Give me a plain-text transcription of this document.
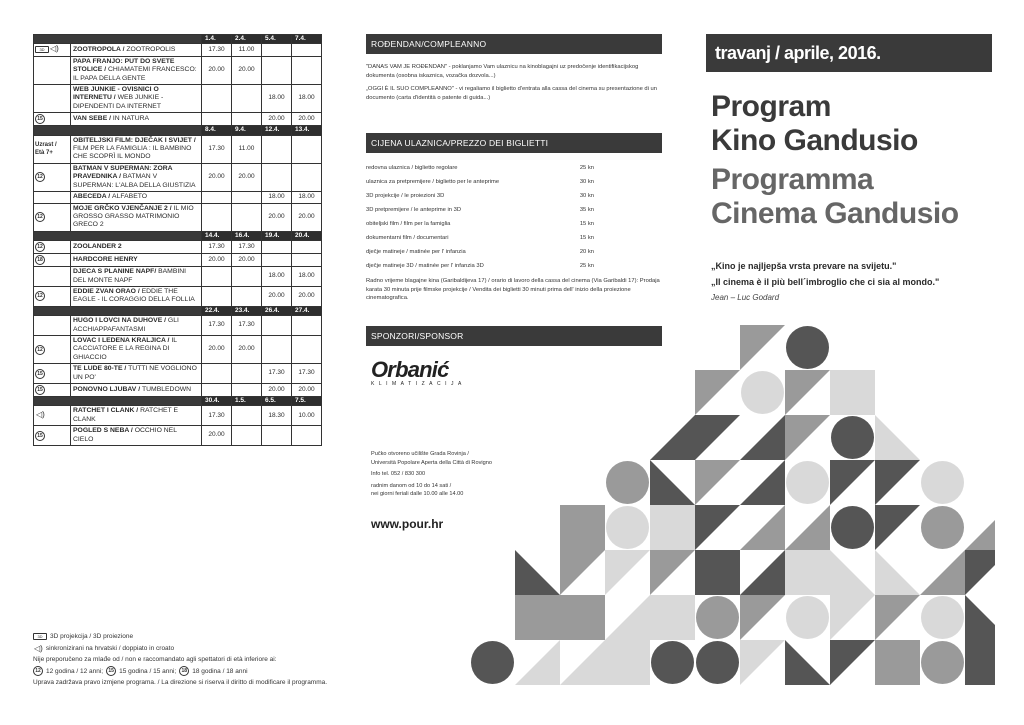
		1.4.	2.4.	5.4.	7.4.
3D ◁)	ZOOTROPOLA / ZOOTROPOLIS	17.30	11.00		
	PAPA FRANJO: PUT DO SVETE STOLICE / CHIAMATEMI FRANCESCO: IL PAPA DELLA GENTE	20.00	20.00		
	WEB JUNKIE - OVISNICI O INTERNETU / WEB JUNKIE - DIPENDENTI DA INTERNET			18.00	18.00
15	VAN SEBE / IN NATURA			20.00	20.00
		8.4.	9.4.	12.4.	13.4.
Uzrast /
Età 7+	OBITELJSKI FILM: DJEČAK I SVIJET / FILM PER LA FAMIGLIA : IL BAMBINO CHE SCOPRÌ IL MONDO	17.30	11.00		
12	BATMAN V SUPERMAN: ZORA PRAVEDNIKA / BATMAN V SUPERMAN: L'ALBA DELLA GIUSTIZIA	20.00	20.00		
	ABECEDA / ALFABETO			18.00	18.00
12	MOJE GRČKO VJENČANJE 2 / IL MIO GROSSO GRASSO MATRIMONIO GRECO 2			20.00	20.00
		14.4.	16.4.	19.4.	20.4.
12	ZOOLANDER 2	17.30	17.30		
18	HARDCORE HENRY	20.00	20.00		
	DJECA S PLANINE NAPF/ BAMBINI DEL MONTE NAPF			18.00	18.00
12	EDDIE ZVAN ORAO / EDDIE THE EAGLE - IL CORAGGIO DELLA FOLLIA			20.00	20.00
		22.4.	23.4.	26.4.	27.4.
	HUGO I LOVCI NA DUHOVE / GLI ACCHIAPPAFANTASMI	17.30	17.30		
12	LOVAC I LEDENA KRALJICA / IL CACCIATORE E LA REGINA DI GHIACCIO	20.00	20.00		
15	TE LUDE 80-TE / TUTTI NE VOGLIONO UN PO'			17.30	17.30
15	PONOVNO LJUBAV / TUMBLEDOWN			20.00	20.00
		30.4.	1.5.	6.5.	7.5.
◁)	RATCHET I CLANK / RATCHET E CLANK	17.30		18.30	10.00
15	POGLED S NEBA / OCCHIO NEL CIELO	20.00			
3D	3D projekcija / 3D proiezione
◁) sinkronizirani na hrvatski / doppiato in croato
Nije preporučeno za mlađe od / non e raccomandato agli spettatori di età inferiore ai:
12 12 godina / 12 anni;	15 15 godina / 15 anni;	18 18 godina / 18 anni
Uprava zadržava pravo izmjene programa. / La direzione si riserva il diritto di modificare il programma.
ROĐENDAN/COMPLEANNO

"DANAS VAM JE ROĐENDAN" - poklanjamo Vam ulaznicu na kinoblagajni uz predočenje identifikacijskog dokumenta (osobna iskaznica, vozačka dozvola...)

„OGGI È IL SUO COMPLEANNO" - vi regaliamo il biglietto d'entrata alla cassa del cinema su presentazione di un documento (carta d'identità o patente di guida...)

CIJENA ULAZNICA/PREZZO DEI BIGLIETTI
redovna ulaznica / biglietto regolare	25 kn
ulaznica za pretpremijere / biglietto per le anteprime	30 kn
3D projekcije / le proiezioni 3D	30 kn
3D pretpremijere / le anteprime in 3D	35 kn
obiteljski film / film per la famiglia	15 kn
dokumentarni film / documentari	15 kn
dječje matineje / matinée per l' infanzia	20 kn
dječje matineje 3D / matinée per l' infanzia 3D	25 kn

Radno vrijeme blagajne kina (Garibaldijeva 17) / orario di lavoro della cassa del cinema (Via Garibaldi 17): Prodaja karata 30 minuta prije filmske projekcije / Vendita dei biglietti 30 minuti prima dell' inizio della proiezione cinematografica.

SPONZORI/SPONSOR
Orbanić
KLIMATIZACIJA
Pučko otvoreno učilište Grada Rovinja /
Università Popolare Aperta della Città di Rovigno
Info tel. 052 / 830 300
radnim danom od 10 do 14 sati /
nei giorni feriali dalle 10.00 alle 14.00
www.pour.hr
travanj / aprile, 2016.
Program
Kino Gandusio
Programma
Cinema Gandusio
„Kino je najljepša vrsta prevare na svijetu."
„Il cinema è il più bell´imbroglio che ci sia al mondo."
Jean – Luc Godard
